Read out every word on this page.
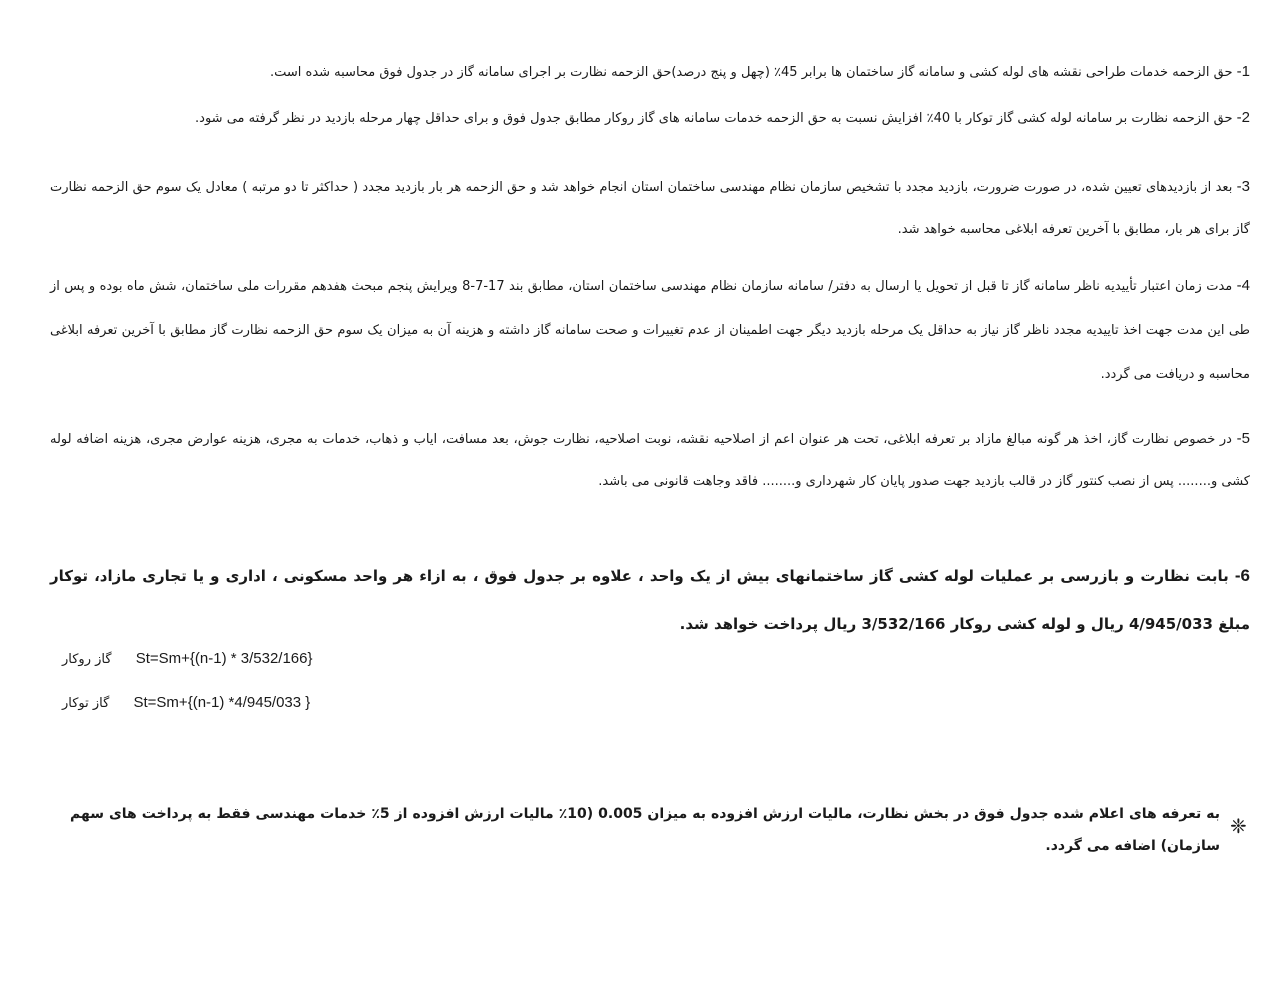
1- حق الزحمه خدمات طراحی نقشه های لوله کشی و سامانه گاز ساختمان ها برابر 45٪ (چهل و پنج درصد)حق الزحمه نظارت بر اجرای سامانه گاز در جدول فوق محاسبه شده است.

2- حق الزحمه نظارت بر سامانه لوله کشی گاز توکار با 40٪ افزایش نسبت به حق الزحمه خدمات سامانه های گاز روکار مطابق جدول فوق و برای حداقل چهار مرحله بازدید در نظر گرفته می شود.

3- بعد از بازدیدهای تعیین شده، در صورت ضرورت، بازدید مجدد با تشخیص سازمان نظام مهندسی ساختمان استان انجام خواهد شد و حق الزحمه هر بار بازدید مجدد ( حداکثر تا دو مرتبه ) معادل یک سوم حق الزحمه نظارت گاز برای هر بار، مطابق با آخرین تعرفه ابلاغی محاسبه خواهد شد.

4- مدت زمان اعتبار تأییدیه ناظر سامانه گاز تا قبل از تحویل یا ارسال به دفتر/ سامانه سازمان نظام مهندسی ساختمان استان، مطابق بند 17-7-8 ویرایش پنجم مبحث هفدهم مقررات ملی ساختمان، شش ماه بوده و پس از طی این مدت جهت اخذ تاییدیه مجدد ناظر گاز نیاز به حداقل یک مرحله بازدید دیگر جهت اطمینان از عدم تغییرات و صحت سامانه گاز داشته و هزینه آن به میزان یک سوم حق الزحمه نظارت گاز مطابق با آخرین تعرفه ابلاغی محاسبه و دریافت می گردد.

5- در خصوص نظارت گاز، اخذ هر گونه مبالغ مازاد بر تعرفه ابلاغی، تحت هر عنوان اعم از اصلاحیه نقشه، نوبت اصلاحیه، نظارت جوش، بعد مسافت، ایاب و ذهاب، خدمات به مجری، هزینه عوارض مجری، هزینه اضافه لوله کشی و........ پس از نصب کنتور گاز در قالب بازدید جهت صدور پایان کار شهرداری و........ فاقد وجاهت قانونی می باشد.

6- بابت نظارت و بازرسی بر عملیات لوله کشی گاز ساختمانهای بیش از یک واحد ، علاوه بر جدول فوق ، به ازاء هر واحد مسکونی ، اداری و یا تجاری مازاد، توکار مبلغ 4/945/033 ریال و لوله کشی روکار 3/532/166 ریال پرداخت خواهد شد.

گاز روکار St=Sm+{(n-1) * 3/532/166}
گاز توکار St=Sm+{(n-1) *4/945/033 }
❈

به تعرفه های اعلام شده جدول فوق در بخش نظارت، مالیات ارزش افزوده به میزان 0.005 (10٪ مالیات ارزش افزوده از 5٪ خدمات مهندسی فقط به پرداخت های سهم سازمان) اضافه می گردد.
